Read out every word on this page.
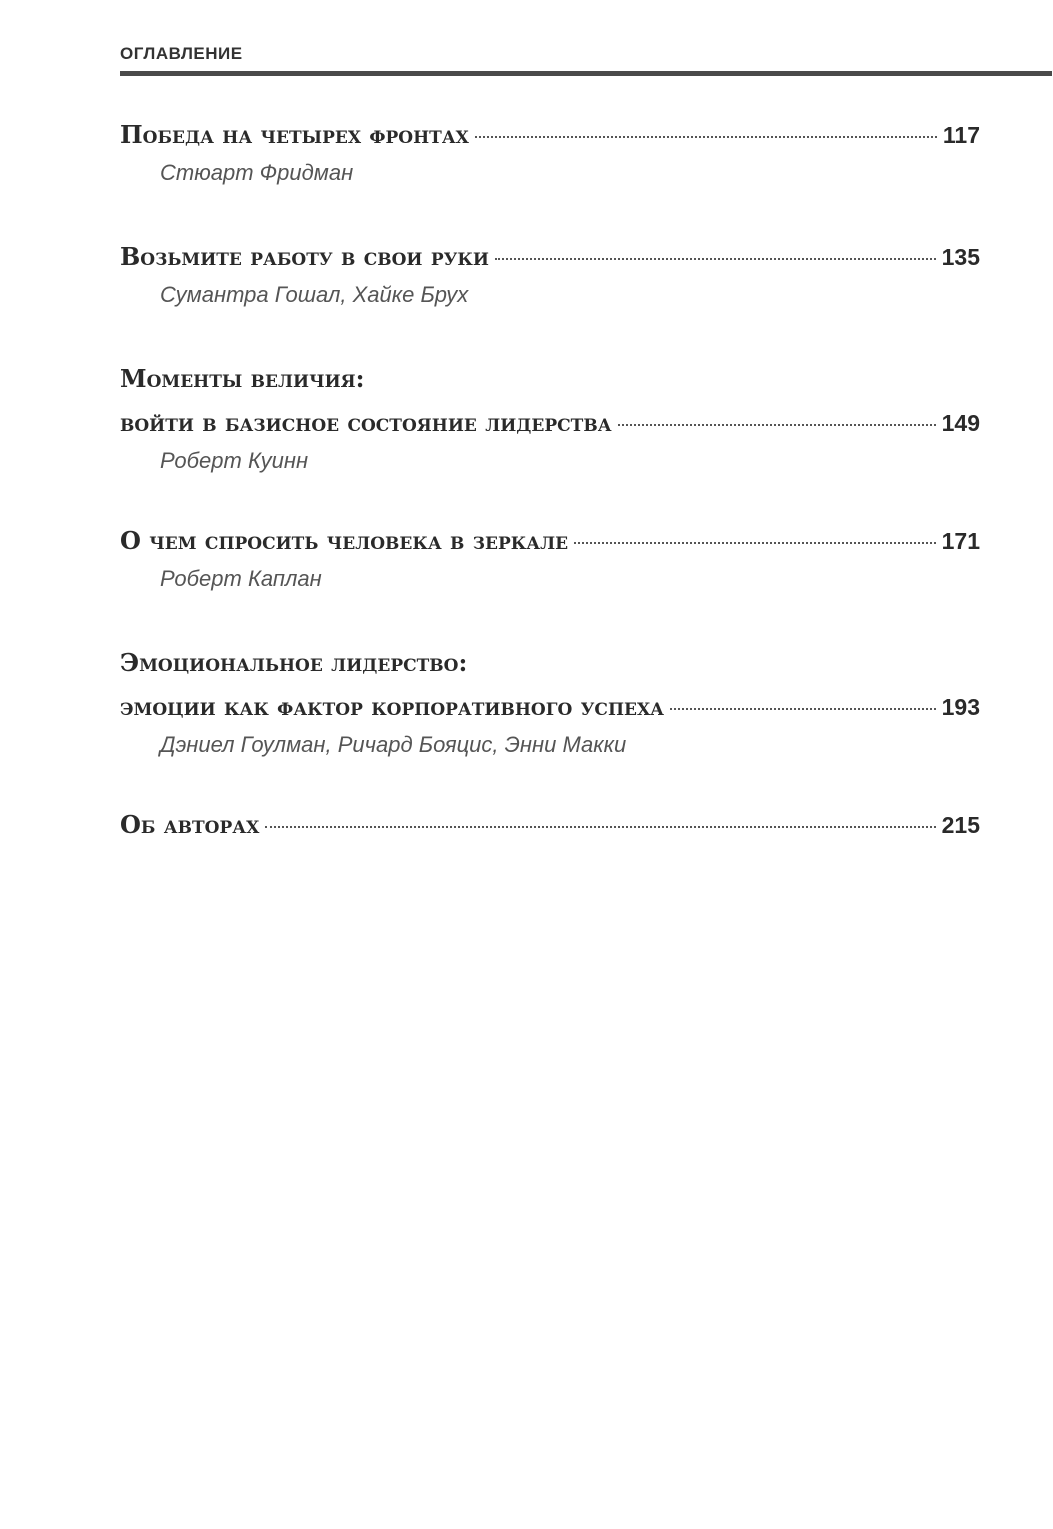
ОГЛАВЛЕНИЕ
Победа на четырех фронтах	117
Стюарт Фридман
Возьмите работу в свои руки	135
Сумантра Гошал, Хайке Брух
Моменты величия:
войти в базисное состояние лидерства	149
Роберт Куинн
О чем спросить человека в зеркале	171
Роберт Каплан
Эмоциональное лидерство:
эмоции как фактор корпоративного успеха	193
Дэниел Гоулман, Ричард Бояцис, Энни Макки
Об авторах	215
